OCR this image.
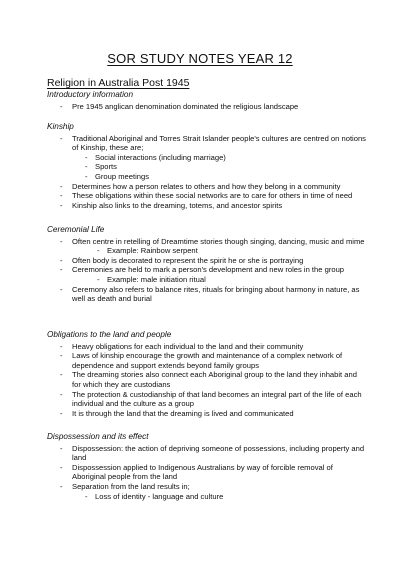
SOR STUDY NOTES YEAR 12
Religion in Australia Post 1945
Introductory information
- Pre 1945 anglican denomination dominated the religious landscape
Kinship
- Traditional Aboriginal and Torres Strait Islander people's cultures are centred on notions of Kinship, these are;
- Social interactions (including marriage)
- Sports
- Group meetings
- Determines how a person relates to others and how they belong in a community
- These obligations within these social networks are to care for others in time of need
- Kinship also links to the dreaming, totems, and ancestor spirits
Ceremonial Life
- Often centre in retelling of Dreamtime stories though singing, dancing, music and mime
- Example: Rainbow serpent
- Often body is decorated to represent the spirit he or she is portraying
- Ceremonies are held to mark a person's development and new roles in the group
- Example: male initiation ritual
- Ceremony also refers to balance rites, rituals for bringing about harmony in nature, as well as death and burial
Obligations to the land and people
- Heavy obligations for each individual to the land and their community
- Laws of kinship encourage the growth and maintenance of a complex network of dependence and support extends beyond family groups
- The dreaming stories also connect each Aboriginal group to the land they inhabit and for which they are custodians
- The protection & custodianship of that land becomes an integral part of the life of each individual and the culture as a group
- It is through the land that the dreaming is lived and communicated
Dispossession and its effect
- Dispossession: the action of depriving someone of possessions, including property and land
- Dispossession applied to Indigenous Australians by way of forcible removal of Aboriginal people from the land
- Separation from the land results in;
- Loss of identity - language and culture
